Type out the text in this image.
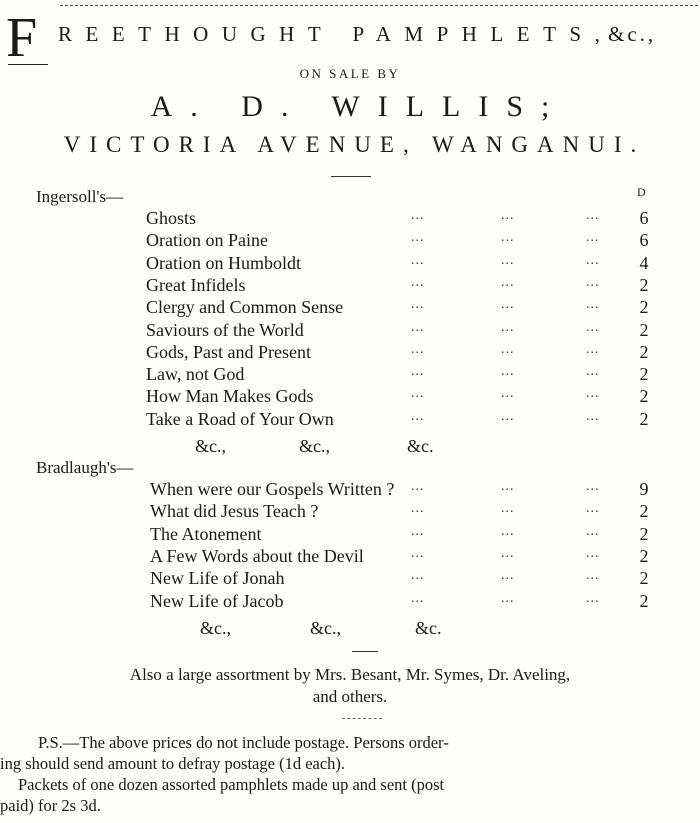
F REETHOUGHT PAMPHLETS,
&c.,
ON SALE BY
A. D. WILLIS;
VICTORIA AVENUE, WANGANUI.
Ingersoll's—	D
Ghosts	...	...	... 6
Oration on Paine	...	...	... 6
Oration on Humboldt	...	...	... 4
Great Infidels	...	...	... 2
Clergy and Common Sense	...	...	... 2
Saviours of the World	...	...	... 2
Gods, Past and Present	...	...	... 2
Law, not God	...	...	... 2
How Man Makes Gods	...	...	... 2
Take a Road of Your Own	...	...	... 2
&c.,	&c.,	&c.
Bradlaugh's—
When were our Gospels Written ? ...	...	... 9
What did Jesus Teach ?	...	...	... 2
The Atonement	...	...	... 2
A Few Words about the Devil	...	...	... 2
New Life of Jonah	...	...	... 2
New Life of Jacob	...	...	... 2
&c.,	&c.,	&c.
Also a large assortment by Mrs. Besant, Mr. Symes, Dr. Aveling,
and others.
P.S.—The above prices do not include postage. Persons order-
ing should send amount to defray postage (1d each).
Packets of one dozen assorted pamphlets made up and sent (post
paid) for 2s 3d.
